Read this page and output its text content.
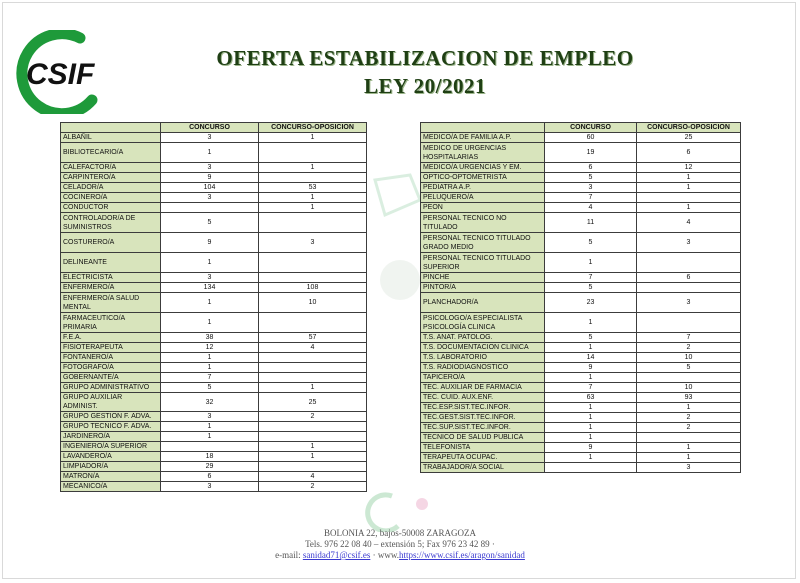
CSIF	OFERTA ESTABILIZACION DE EMPLEO
LEY 20/2021
	CONCURSO	CONCURSO-OPOSICION
ALBAÑIL	3	1
BIBLIOTECARIO/A	1	
CALEFACTOR/A	3	1
CARPINTERO/A	9	
CELADOR/A	104	53
COCINERO/A	3	1
CONDUCTOR		1
CONTROLADOR/A DE SUMINISTROS	5	
COSTURERO/A	9	3
DELINEANTE	1	
ELECTRICISTA	3	
ENFERMERO/A	134	108
ENFERMERO/A SALUD MENTAL	1	10
FARMACEUTICO/A PRIMARIA	1	
F.E.A.	38	57
FISIOTERAPEUTA	12	4
FONTANERO/A	1	
FOTOGRAFO/A	1	
GOBERNANTE/A	7	
GRUPO ADMINISTRATIVO	5	1
GRUPO AUXILIAR ADMINIST.	32	25
GRUPO GESTION F. ADVA.	3	2
GRUPO TECNICO F. ADVA.	1	
JARDINERO/A	1	
INGENIERO/A SUPERIOR		1
LAVANDERO/A	18	1
LIMPIADOR/A	29	
MATRON/A	6	4
MECANICO/A	3	2
	CONCURSO	CONCURSO-OPOSICION
MEDICO/A DE FAMILIA A.P.	60	25
MEDICO DE URGENCIAS HOSPITALARIAS	19	6
MEDICO/A URGENCIAS Y EM.	6	12
OPTICO-OPTOMETRISTA	5	1
PEDIATRA A.P.	3	1
PELUQUERO/A	7	
PEON	4	1
PERSONAL TECNICO NO TITULADO	11	4
PERSONAL TECNICO TITULADO GRADO MEDIO	5	3
PERSONAL TECNICO TITULADO SUPERIOR	1	
PINCHE	7	6
PINTOR/A	5	
PLANCHADOR/A	23	3
PSICOLOGO/A ESPECIALISTA PSICOLOGÍA CLINICA	1	
T.S. ANAT. PATOLOG.	5	7
T.S. DOCUMENTACION CLINICA	1	2
T.S. LABORATORIO	14	10
T.S. RADIODIAGNOSTICO	9	5
TAPICERO/A	1	
TEC. AUXILIAR DE FARMACIA	7	10
TEC. CUID. AUX.ENF.	63	93
TEC.ESP.SIST.TEC.INFOR.	1	1
TEC.GEST.SIST.TEC.INFOR.	1	2
TEC.SUP.SIST.TEC.INFOR.	1	2
TECNICO DE SALUD PUBLICA	1	
TELEFONISTA	9	1
TERAPEUTA OCUPAC.	1	1
TRABAJADOR/A SOCIAL		3
BOLONIA 22, bajos-50008 ZARAGOZA
Tels. 976 22 08 40 – extensión 5; Fax 976 23 42 89 ·
e-mail: sanidad71@csif.es · www.https://www.csif.es/aragon/sanidad
